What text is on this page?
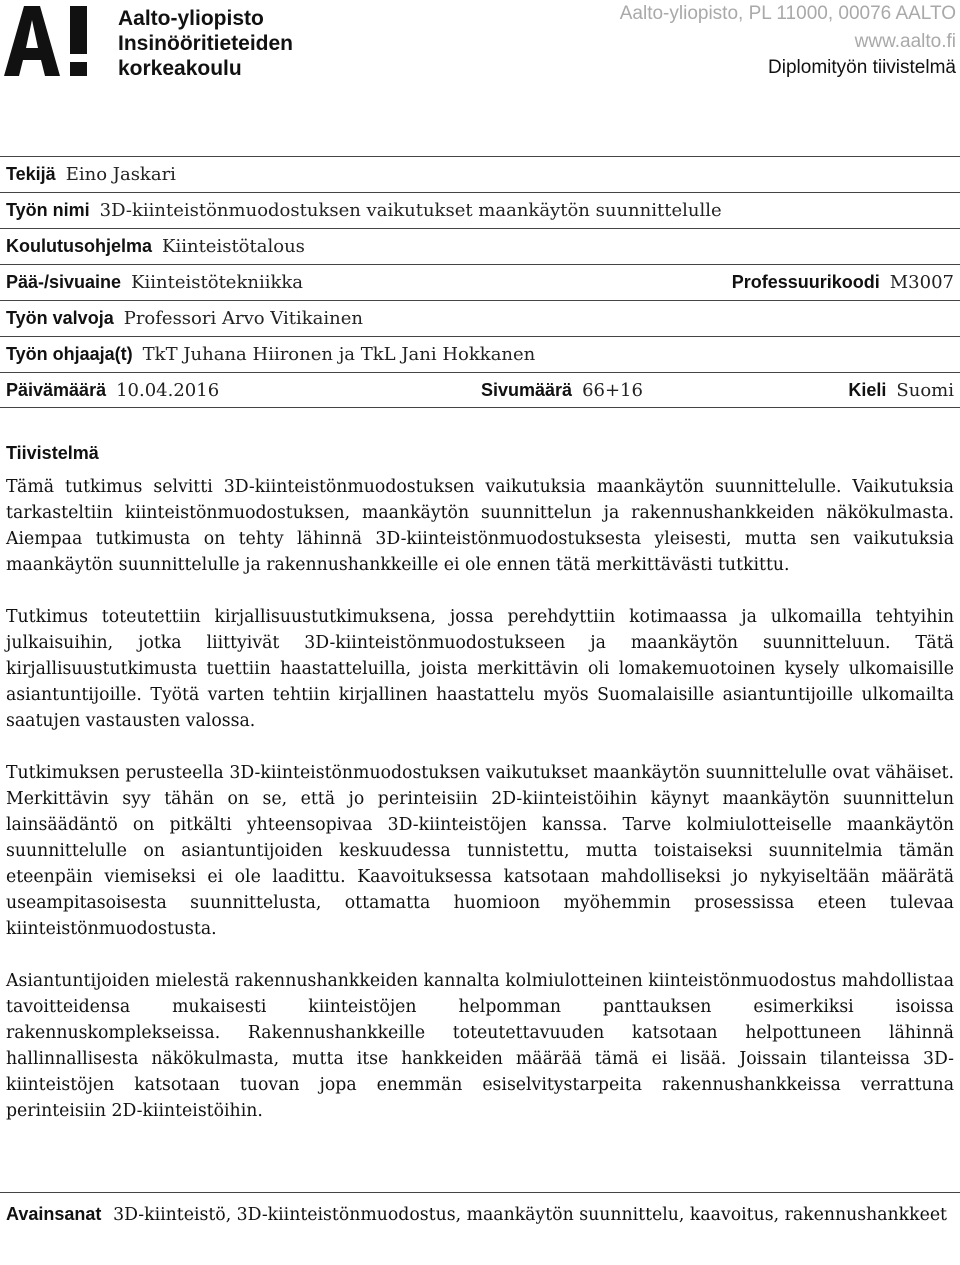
Aalto-yliopisto
Insinööritieteiden
korkeakoulu
Aalto-yliopisto, PL 11000, 00076 AALTO
www.aalto.fi
Diplomityön tiivistelmä
Tekijä Eino Jaskari
Työn nimi 3D-kiinteistönmuodostuksen vaikutukset maankäytön suunnittelulle
Koulutusohjelma Kiinteistötalous
Pää-/sivuaine Kiinteistötekniikka	Professuurikoodi M3007
Työn valvoja Professori Arvo Vitikainen
Työn ohjaaja(t) TkT Juhana Hiironen ja TkL Jani Hokkanen
Päivämäärä 10.04.2016	Sivumäärä 66+16	Kieli Suomi
Tiivistelmä

Tämä tutkimus selvitti 3D-kiinteistönmuodostuksen vaikutuksia maankäytön suunnittelulle. Vaikutuksia tarkasteltiin kiinteistönmuodostuksen, maankäytön suunnittelun ja rakennushankkeiden näkökulmasta. Aiempaa tutkimusta on tehty lähinnä 3D-kiinteistönmuodostuksesta yleisesti, mutta sen vaikutuksia maankäytön suunnittelulle ja rakennushankkeille ei ole ennen tätä merkittävästi tutkittu.

Tutkimus toteutettiin kirjallisuustutkimuksena, jossa perehdyttiin kotimaassa ja ulkomailla tehtyihin julkaisuihin, jotka liittyivät 3D-kiinteistönmuodostukseen ja maankäytön suunnitteluun. Tätä kirjallisuustutkimusta tuettiin haastatteluilla, joista merkittävin oli lomakemuotoinen kysely ulkomaisille asiantuntijoille. Työtä varten tehtiin kirjallinen haastattelu myös Suomalaisille asiantuntijoille ulkomailta saatujen vastausten valossa.

Tutkimuksen perusteella 3D-kiinteistönmuodostuksen vaikutukset maankäytön suunnittelulle ovat vähäiset. Merkittävin syy tähän on se, että jo perinteisiin 2D-kiinteistöihin käynyt maankäytön suunnittelun lainsäädäntö on pitkälti yhteensopivaa 3D-kiinteistöjen kanssa. Tarve kolmiulotteiselle maankäytön suunnittelulle on asiantuntijoiden keskuudessa tunnistettu, mutta toistaiseksi suunnitelmia tämän eteenpäin viemiseksi ei ole laadittu. Kaavoituksessa katsotaan mahdolliseksi jo nykyiseltään määrätä useampitasoisesta suunnittelusta, ottamatta huomioon myöhemmin prosessissa eteen tulevaa kiinteistönmuodostusta.

Asiantuntijoiden mielestä rakennushankkeiden kannalta kolmiulotteinen kiinteistönmuodostus mahdollistaa tavoitteidensa mukaisesti kiinteistöjen helpomman panttauksen esimerkiksi isoissa rakennuskomplekseissa. Rakennushankkeille toteutettavuuden katsotaan helpottuneen lähinnä hallinnallisesta näkökulmasta, mutta itse hankkeiden määrää tämä ei lisää. Joissain tilanteissa 3D-kiinteistöjen katsotaan tuovan jopa enemmän esiselvitystarpeita rakennushankkeissa verrattuna perinteisiin 2D-kiinteistöihin.

Avainsanat 3D-kiinteistö, 3D-kiinteistönmuodostus, maankäytön suunnittelu, kaavoitus, rakennushankkeet
